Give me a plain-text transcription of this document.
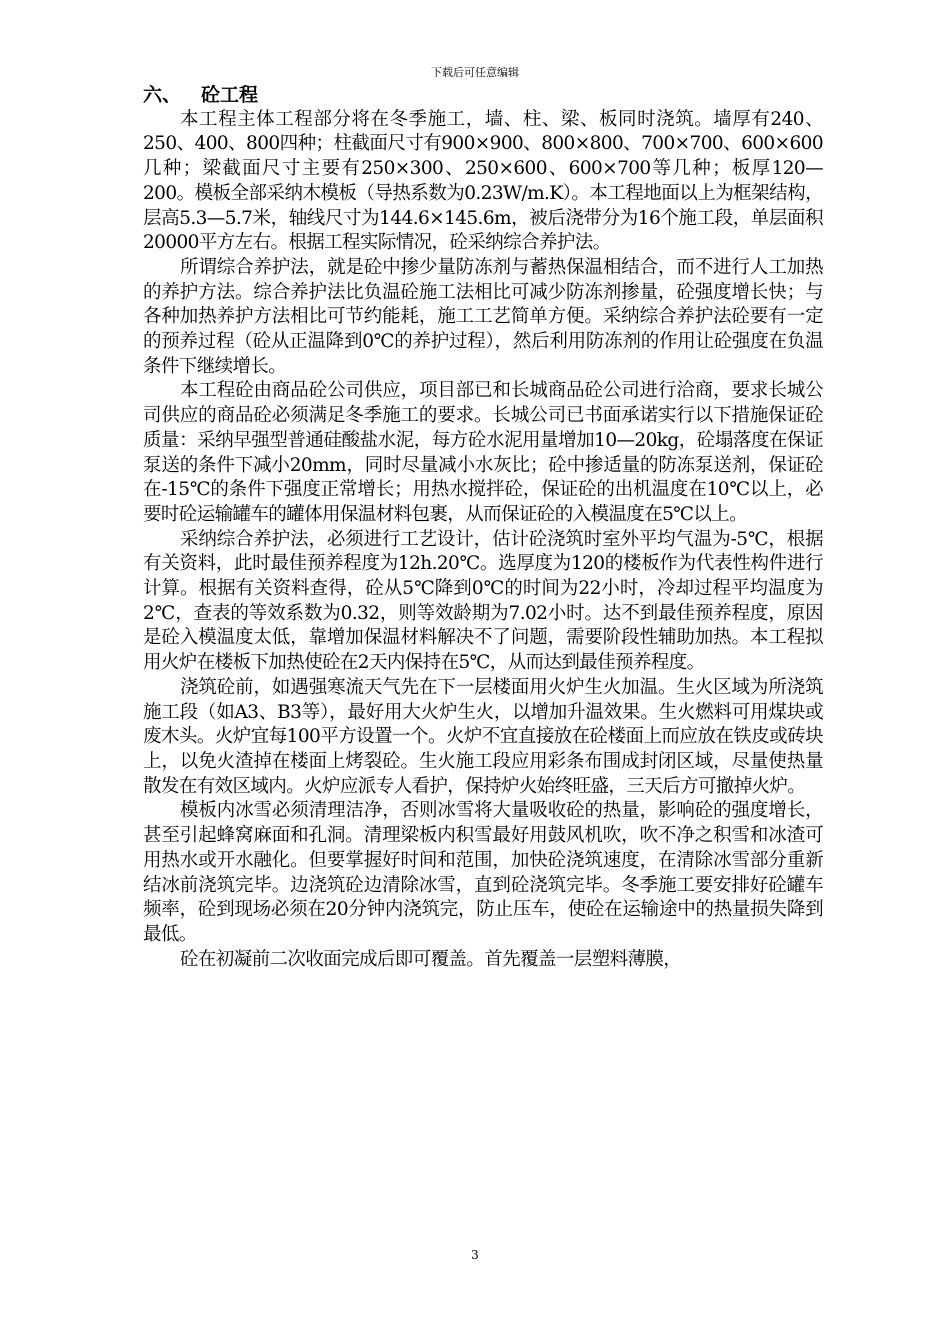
下载后可任意编辑
六、 砼工程

本工程主体工程部分将在冬季施工，墙、柱、梁、板同时浇筑。墙厚有240、250、400、800四种；柱截面尺寸有900×900、800×800、700×700、600×600几种；梁截面尺寸主要有250×300、250×600、600×700等几种；板厚120—200。模板全部采纳木模板（导热系数为0.23W/m.K）。本工程地面以上为框架结构，层高5.3—5.7米，轴线尺寸为144.6×145.6m，被后浇带分为16个施工段，单层面积20000平方左右。根据工程实际情况，砼采纳综合养护法。

所谓综合养护法，就是砼中掺少量防冻剂与蓄热保温相结合，而不进行人工加热的养护方法。综合养护法比负温砼施工法相比可减少防冻剂掺量，砼强度增长快；与各种加热养护方法相比可节约能耗，施工工艺简单方便。采纳综合养护法砼要有一定的预养过程（砼从正温降到0℃的养护过程），然后利用防冻剂的作用让砼强度在负温条件下继续增长。

本工程砼由商品砼公司供应，项目部已和长城商品砼公司进行洽商，要求长城公司供应的商品砼必须满足冬季施工的要求。长城公司已书面承诺实行以下措施保证砼质量：采纳早强型普通硅酸盐水泥，每方砼水泥用量增加10—20kg，砼塌落度在保证泵送的条件下减小20mm，同时尽量减小水灰比；砼中掺适量的防冻泵送剂，保证砼在-15℃的条件下强度正常增长；用热水搅拌砼，保证砼的出机温度在10℃以上，必要时砼运输罐车的罐体用保温材料包裹，从而保证砼的入模温度在5℃以上。

采纳综合养护法，必须进行工艺设计，估计砼浇筑时室外平均气温为-5℃，根据有关资料，此时最佳预养程度为12h.20℃。选厚度为120的楼板作为代表性构件进行计算。根据有关资料查得，砼从5℃降到0℃的时间为22小时，冷却过程平均温度为2℃，查表的等效系数为0.32，则等效龄期为7.02小时。达不到最佳预养程度，原因是砼入模温度太低，靠增加保温材料解决不了问题，需要阶段性辅助加热。本工程拟用火炉在楼板下加热使砼在2天内保持在5℃，从而达到最佳预养程度。

浇筑砼前，如遇强寒流天气先在下一层楼面用火炉生火加温。生火区域为所浇筑施工段（如A3、B3等），最好用大火炉生火，以增加升温效果。生火燃料可用煤块或废木头。火炉宜每100平方设置一个。火炉不宜直接放在砼楼面上而应放在铁皮或砖块上，以免火渣掉在楼面上烤裂砼。生火施工段应用彩条布围成封闭区域，尽量使热量散发在有效区域内。火炉应派专人看护，保持炉火始终旺盛，三天后方可撤掉火炉。

模板内冰雪必须清理洁净，否则冰雪将大量吸收砼的热量，影响砼的强度增长，甚至引起蜂窝麻面和孔洞。清理梁板内积雪最好用鼓风机吹，吹不净之积雪和冰渣可用热水或开水融化。但要掌握好时间和范围，加快砼浇筑速度，在清除冰雪部分重新结冰前浇筑完毕。边浇筑砼边清除冰雪，直到砼浇筑完毕。冬季施工要安排好砼罐车频率，砼到现场必须在20分钟内浇筑完，防止压车，使砼在运输途中的热量损失降到最低。

砼在初凝前二次收面完成后即可覆盖。首先覆盖一层塑料薄膜，

3
